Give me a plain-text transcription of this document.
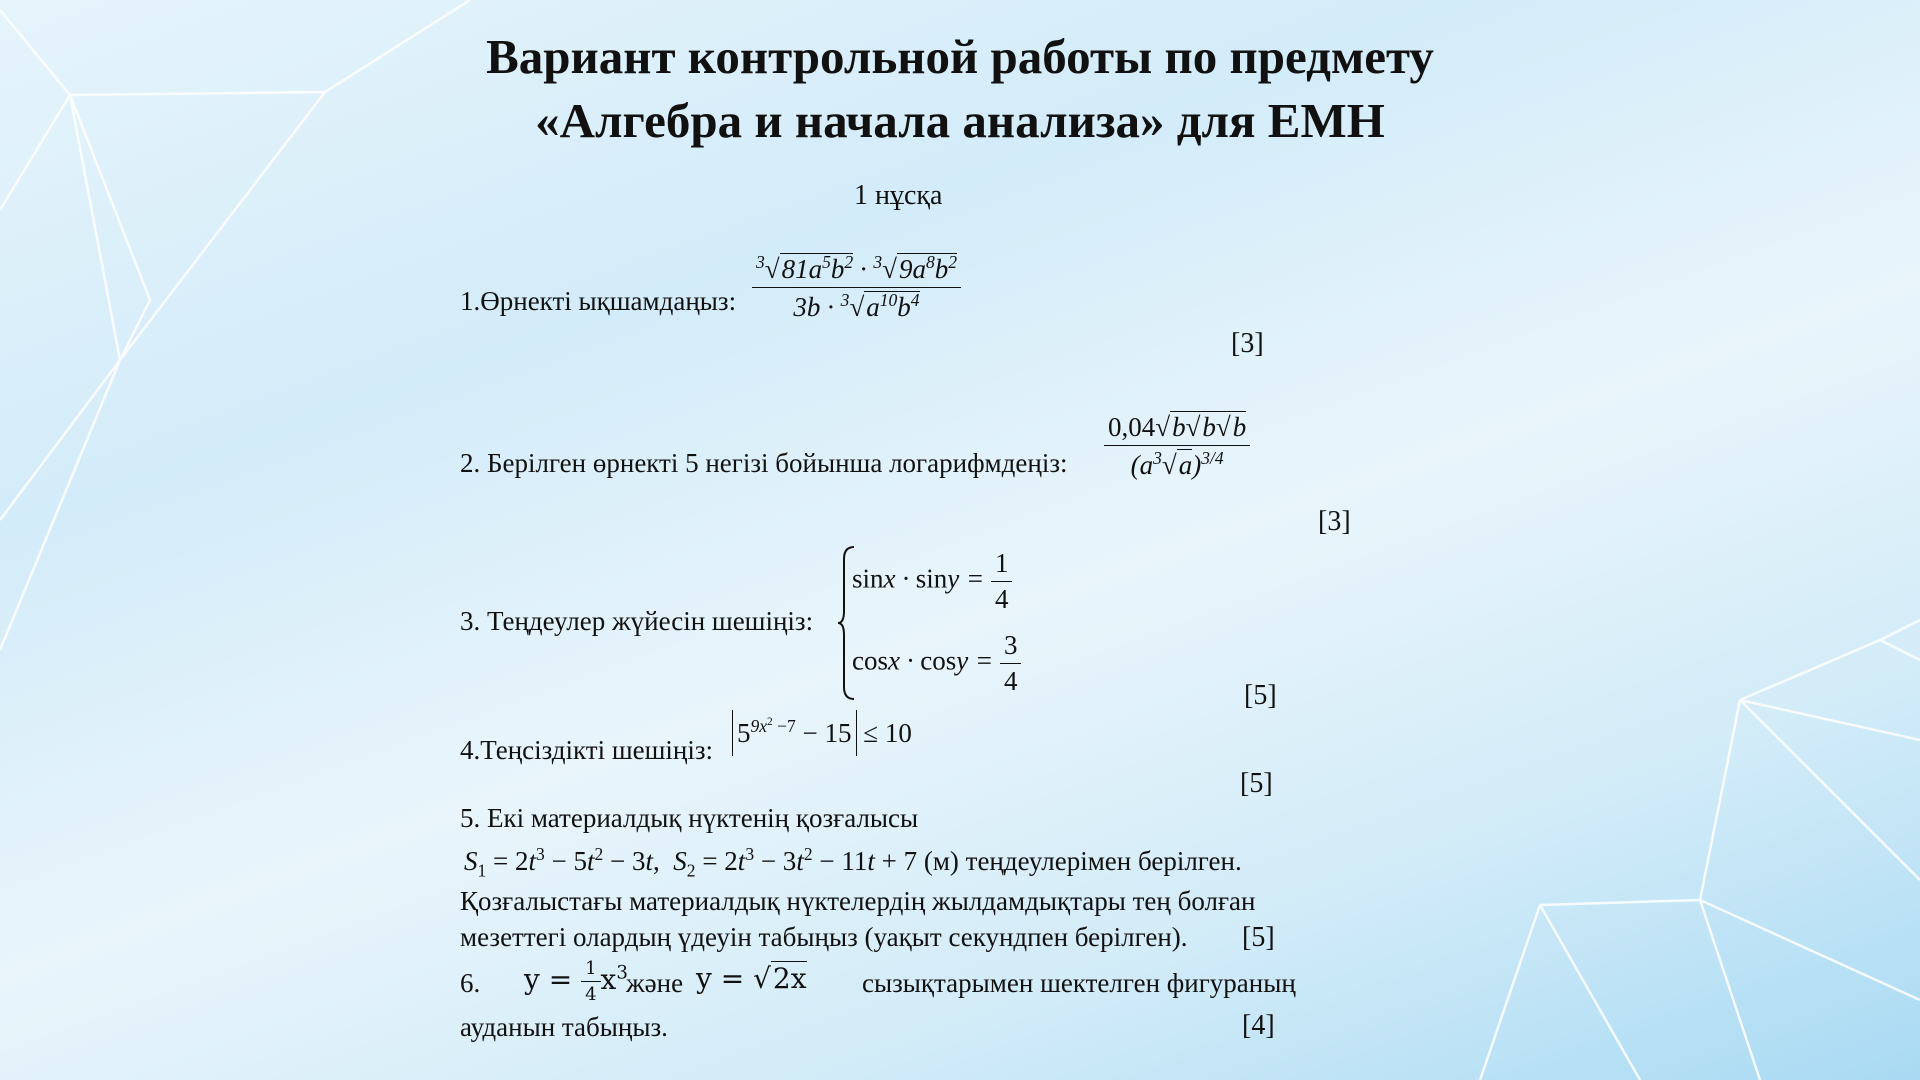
Вариант контрольной работы по предмету
«Алгебра и начала анализа» для ЕМН
1 нұсқа
1.Өрнекті ықшамдаңыз: $\frac{^3√81a^5b^2 \cdot ^3√9a^8b^2}{3b \cdot ^3√a^{10}b^4}$
[3]
2. Берілген өрнекті 5 негізі бойынша логарифмдеңіз: $\frac{0,04√b√b√b}{(a^3√a)^{3/4}}$
[3]
3. Теңдеулер жүйесін шешіңіз:
$\sin x \cdot \sin y = \frac{1}{4}$
$\cos x \cdot \cos y = \frac{3}{4}$	[5]
4.Теңсіздікті шешіңіз:
$5^{9x^2 -7} - 15 \le 10$
[5]
5. Екі материалдық нүктенің қозғалысы
$S_1 = 2t^3 - 5t^2 - 3t$,  $S_2 = 2t^3 - 3t^2 - 11t + 7$ (м) теңдеулерімен берілген.
Қозғалыстағы материалдық нүктелердің жылдамдықтары тең болған
мезеттегі олардың үдеуін табыңыз (уақыт секундпен берілген). [5]
6. $y = \frac{1}{4} x^3$
және y = √2x сызықтарымен шектелген фигураның
ауданын табыңыз.	[4]
